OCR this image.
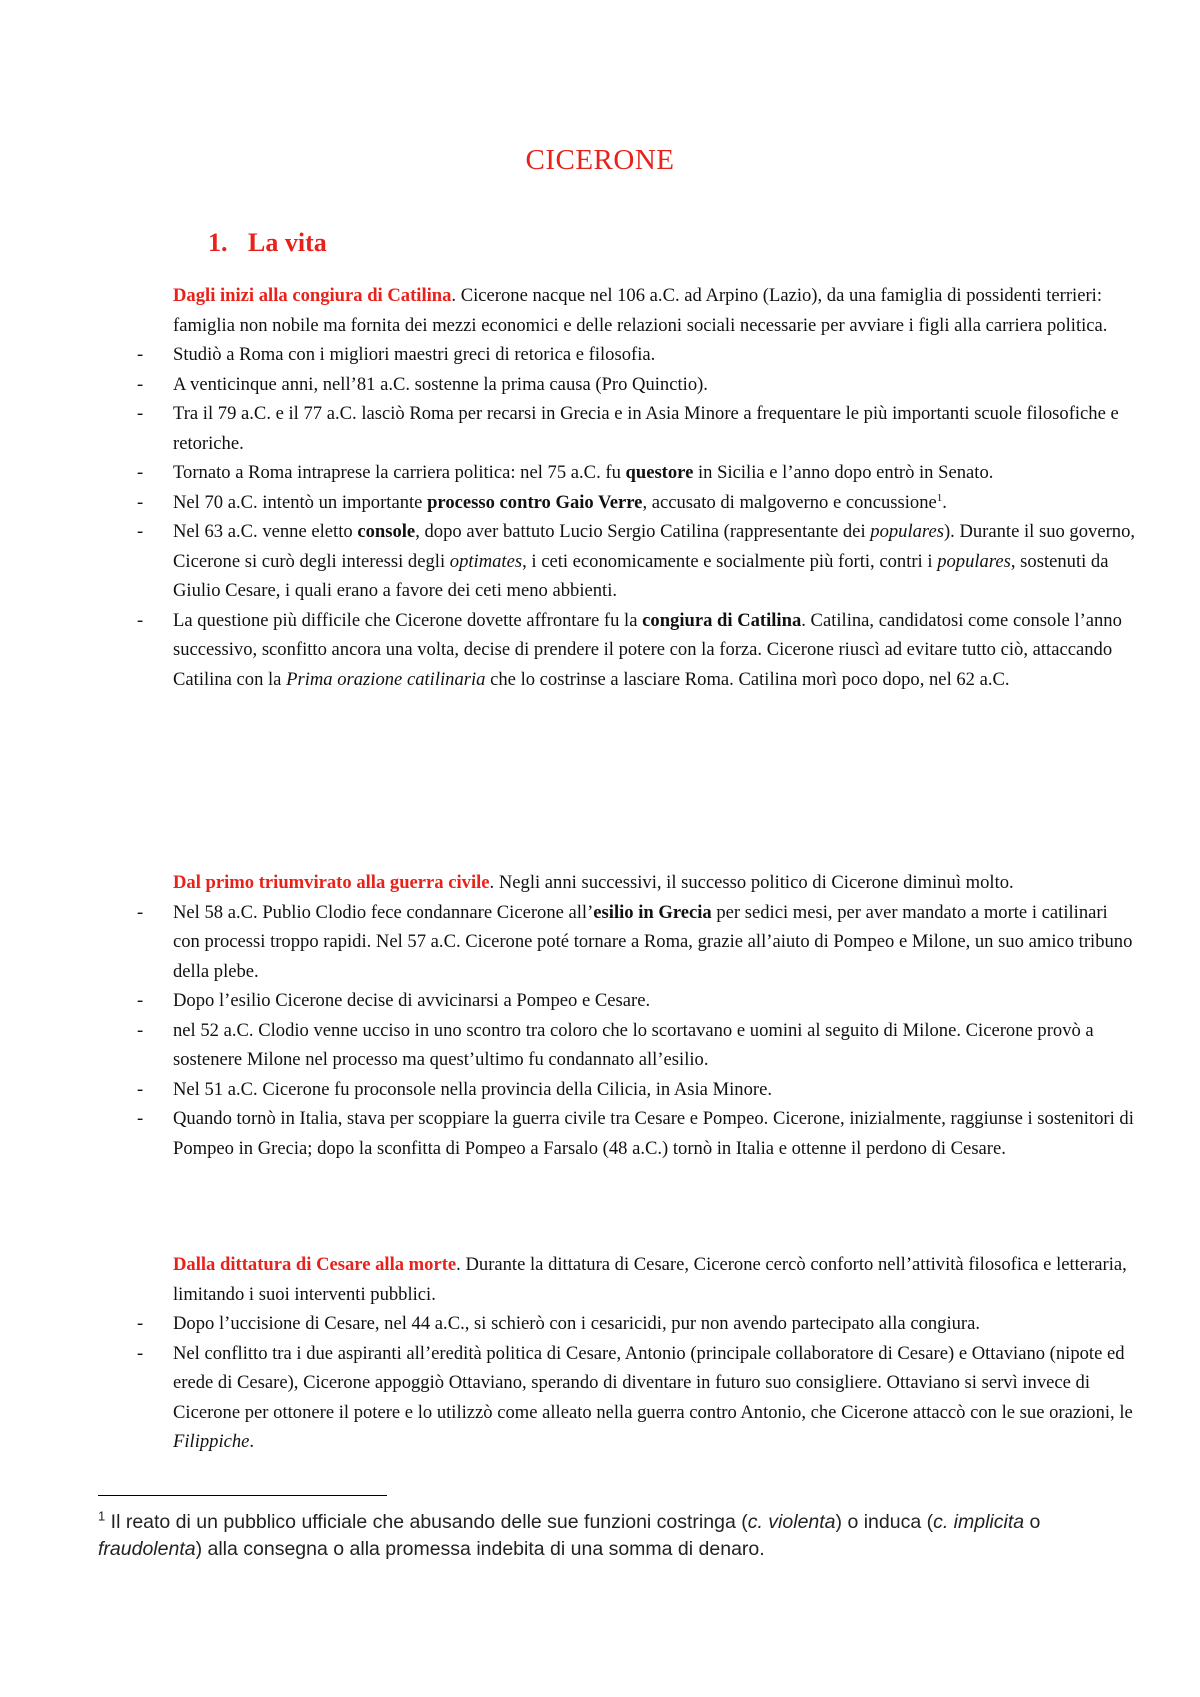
CICERONE
1. La vita

Dagli inizi alla congiura di Catilina. Cicerone nacque nel 106 a.C. ad Arpino (Lazio), da una famiglia di possidenti terrieri: famiglia non nobile ma fornita dei mezzi economici e delle relazioni sociali necessarie per avviare i figli alla carriera politica.

- Studiò a Roma con i migliori maestri greci di retorica e filosofia.
- A venticinque anni, nell’81 a.C. sostenne la prima causa (Pro Quinctio).
- Tra il 79 a.C. e il 77 a.C. lasciò Roma per recarsi in Grecia e in Asia Minore a frequentare le più importanti scuole filosofiche e retoriche.
- Tornato a Roma intraprese la carriera politica: nel 75 a.C. fu questore in Sicilia e l’anno dopo entrò in Senato.
- Nel 70 a.C. intentò un importante processo contro Gaio Verre, accusato di malgoverno e concussione$^1$.
- Nel 63 a.C. venne eletto console, dopo aver battuto Lucio Sergio Catilina (rappresentante dei populares). Durante il suo governo, Cicerone si curò degli interessi degli optimates, i ceti economicamente e socialmente più forti, contri i populares, sostenuti da Giulio Cesare, i quali erano a favore dei ceti meno abbienti.
- La questione più difficile che Cicerone dovette affrontare fu la congiura di Catilina. Catilina, candidatosi come console l’anno successivo, sconfitto ancora una volta, decise di prendere il potere con la forza. Cicerone riuscì ad evitare tutto ciò, attaccando Catilina con la Prima orazione catilinaria che lo costrinse a lasciare Roma. Catilina morì poco dopo, nel 62 a.C.

Dal primo triumvirato alla guerra civile. Negli anni successivi, il successo politico di Cicerone diminuì molto.

- Nel 58 a.C. Publio Clodio fece condannare Cicerone all’esilio in Grecia per sedici mesi, per aver mandato a morte i catilinari con processi troppo rapidi. Nel 57 a.C. Cicerone poté tornare a Roma, grazie all’aiuto di Pompeo e Milone, un suo amico tribuno della plebe.
- Dopo l’esilio Cicerone decise di avvicinarsi a Pompeo e Cesare.
- nel 52 a.C. Clodio venne ucciso in uno scontro tra coloro che lo scortavano e uomini al seguito di Milone. Cicerone provò a sostenere Milone nel processo ma quest’ultimo fu condannato all’esilio.
- Nel 51 a.C. Cicerone fu proconsole nella provincia della Cilicia, in Asia Minore.
- Quando tornò in Italia, stava per scoppiare la guerra civile tra Cesare e Pompeo. Cicerone, inizialmente, raggiunse i sostenitori di Pompeo in Grecia; dopo la sconfitta di Pompeo a Farsalo (48 a.C.) tornò in Italia e ottenne il perdono di Cesare.

Dalla dittatura di Cesare alla morte. Durante la dittatura di Cesare, Cicerone cercò conforto nell’attività filosofica e letteraria, limitando i suoi interventi pubblici.

- Dopo l’uccisione di Cesare, nel 44 a.C., si schierò con i cesaricidi, pur non avendo partecipato alla congiura.
- Nel conflitto tra i due aspiranti all’eredità politica di Cesare, Antonio (principale collaboratore di Cesare) e Ottaviano (nipote ed erede di Cesare), Cicerone appoggiò Ottaviano, sperando di diventare in futuro suo consigliere. Ottaviano si servì invece di Cicerone per ottonere il potere e lo utilizzò come alleato nella guerra contro Antonio, che Cicerone attaccò con le sue orazioni, le Filippiche.
$^1$ Il reato di un pubblico ufficiale che abusando delle sue funzioni costringa (c. violenta) o induca (c. implicita o fraudolenta) alla consegna o alla promessa indebita di una somma di denaro.
